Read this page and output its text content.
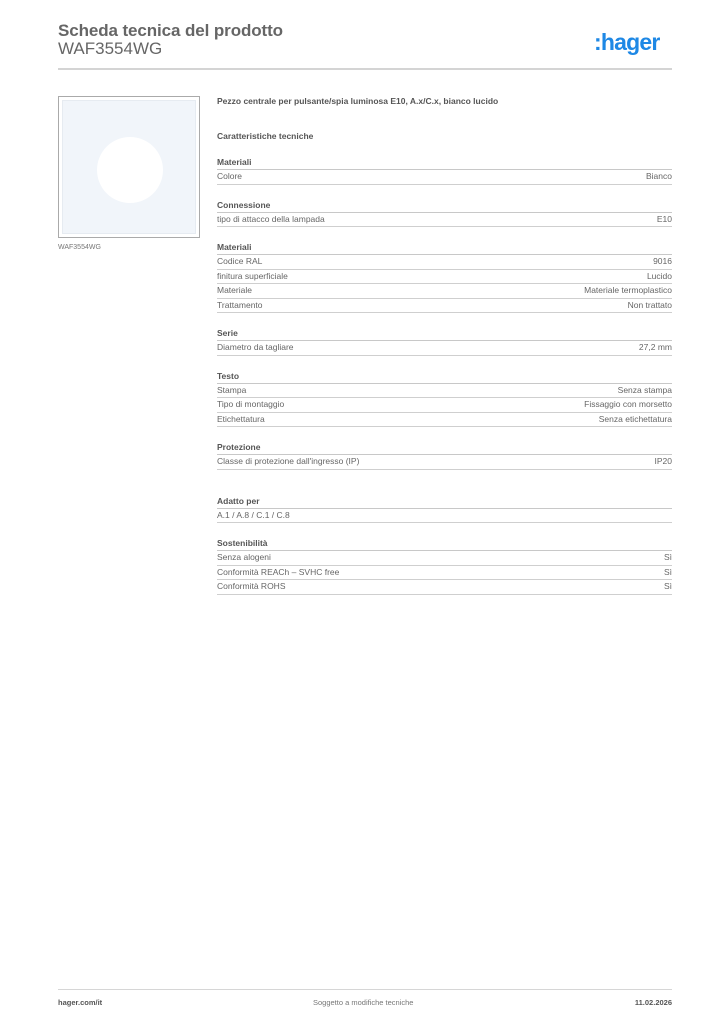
Scheda tecnica del prodotto
WAF3554WG	:hager
WAF3554WG
Pezzo centrale per pulsante/spia luminosa E10, A.x/C.x, bianco lucido
Caratteristiche tecniche
Materiali
Colore	Bianco
Connessione
tipo di attacco della lampada	E10
Materiali
Codice RAL	9016
finitura superficiale	Lucido
Materiale	Materiale termoplastico
Trattamento	Non trattato
Serie
Diametro da tagliare	27,2 mm
Testo
Stampa	Senza stampa
Tipo di montaggio	Fissaggio con morsetto
Etichettatura	Senza etichettatura
Protezione
Classe di protezione dall'ingresso (IP)	IP20
Adatto per
A.1 / A.8 / C.1 / C.8
Sostenibilità
Senza alogeni	Sì
Conformità REACh – SVHC free	Sì
Conformità ROHS	Sì
hager.com/it	Soggetto a modifiche tecniche	11.02.2026
